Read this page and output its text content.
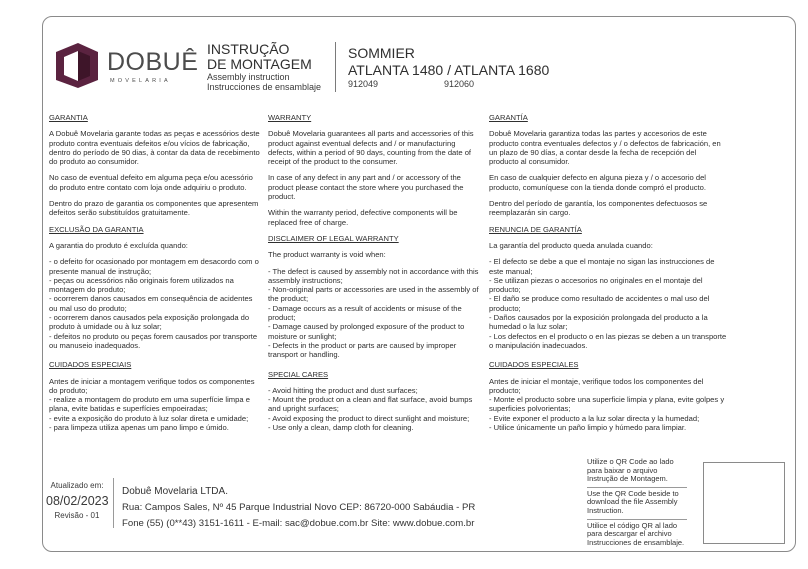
DOBUÊ
MOVELARIA
INSTRUÇÃO
DE MONTAGEM
Assembly instruction
Instrucciones de ensamblaje
SOMMIER
ATLANTA 1480 / ATLANTA 1680
912049	912060
GARANTIA

A Dobuê Movelaria garante todas as peças e acessórios deste produto contra eventuais defeitos e/ou vícios de fabricação, dentro do período de 90 dias, à contar da data de recebimento do produto ao consumidor.

No caso de eventual defeito em alguma peça e/ou acessório do produto entre contato com loja onde adquiriu o produto.

Dentro do prazo de garantia os componentes que apresentem defeitos serão substituídos gratuitamente.

EXCLUSÃO DA GARANTIA

A garantia do produto é excluída quando:

- o defeito for ocasionado por montagem em desacordo com o presente manual de instrução;
- peças ou acessórios não originais forem utilizados na montagem do produto;
- ocorrerem danos causados em consequência de acidentes ou mal uso do produto;
- ocorrerem danos causados pela exposição prolongada do produto à umidade ou à luz solar;
- defeitos no produto ou peças forem causados por transporte ou manuseio inadequados.
CUIDADOS ESPECIAIS
Antes de iniciar a montagem verifique todos os componentes do produto;
- realize a montagem do produto em uma superfície limpa e plana, evite batidas e superfícies empoeiradas;
- evite a exposição do produto à luz solar direta e umidade;
- para limpeza utiliza apenas um pano limpo e úmido.
WARRANTY

Dobuê Movelaria guarantees all parts and accessories of this product against eventual defects and / or manufacturing defects, within a period of 90 days, counting from the date of receipt of the product to the consumer.

In case of any defect in any part and / or accessory of the product please contact the store where you purchased the product.

Within the warranty period, defective components will be replaced free of charge.

DISCLAIMER OF LEGAL WARRANTY

The product warranty is void when:

- The defect is caused by assembly not in accordance with this assembly instructions;
- Non-original parts or accessories are used in the assembly of the product;
- Damage occurs as a result of accidents or misuse of the product;
- Damage caused by prolonged exposure of the product to moisture or sunlight;
- Defects in the product or parts are caused by improper transport or handling.
SPECIAL CARES
- Avoid hitting the product and dust surfaces;
- Mount the product on a clean and flat surface, avoid bumps and upright surfaces;
- Avoid exposing the product to direct sunlight and moisture;
- Use only a clean, damp cloth for cleaning.
GARANTÍA

Dobuê Movelaria garantiza todas las partes y accesorios de este producto contra eventuales defectos y / o defectos de fabricación, en un plazo de 90 días, a contar desde la fecha de recepción del producto al consumidor.

En caso de cualquier defecto en alguna pieza y / o accesorio del producto, comuníquese con la tienda donde compró el producto.

Dentro del período de garantía, los componentes defectuosos se reemplazarán sin cargo.

RENUNCIA DE GARANTÍA

La garantía del producto queda anulada cuando:

- El defecto se debe a que el montaje no sigan las instrucciones de este manual;
- Se utilizan piezas o accesorios no originales en el montaje del producto;
- El daño se produce como resultado de accidentes o mal uso del producto;
- Daños causados por la exposición prolongada del producto a la humedad o la luz solar;
- Los defectos en el producto o en las piezas se deben a un transporte o manipulación inadecuados.
CUIDADOS ESPECIALES
Antes de iniciar el montaje, verifique todos los componentes del producto;
- Monte el producto sobre una superficie limpia y plana, evite golpes y superficies polvorientas;
- Evite exponer el producto a la luz solar directa y la humedad;
- Utilice únicamente un paño limpio y húmedo para limpiar.
Atualizado em:
08/02/2023
Revisão - 01
Dobuê Movelaria LTDA.
Rua: Campos Sales, Nº 45 Parque Industrial Novo CEP: 86720-000 Sabáudia - PR
Fone (55) (0**43) 3151-1611 - E-mail: sac@dobue.com.br Site: www.dobue.com.br
Utilize o QR Code ao lado para baixar o arquivo Instrução de Montagem.
Use the QR Code beside to download the file Assembly Instruction.
Utilice el código QR al lado para descargar el archivo Instrucciones de ensamblaje.
